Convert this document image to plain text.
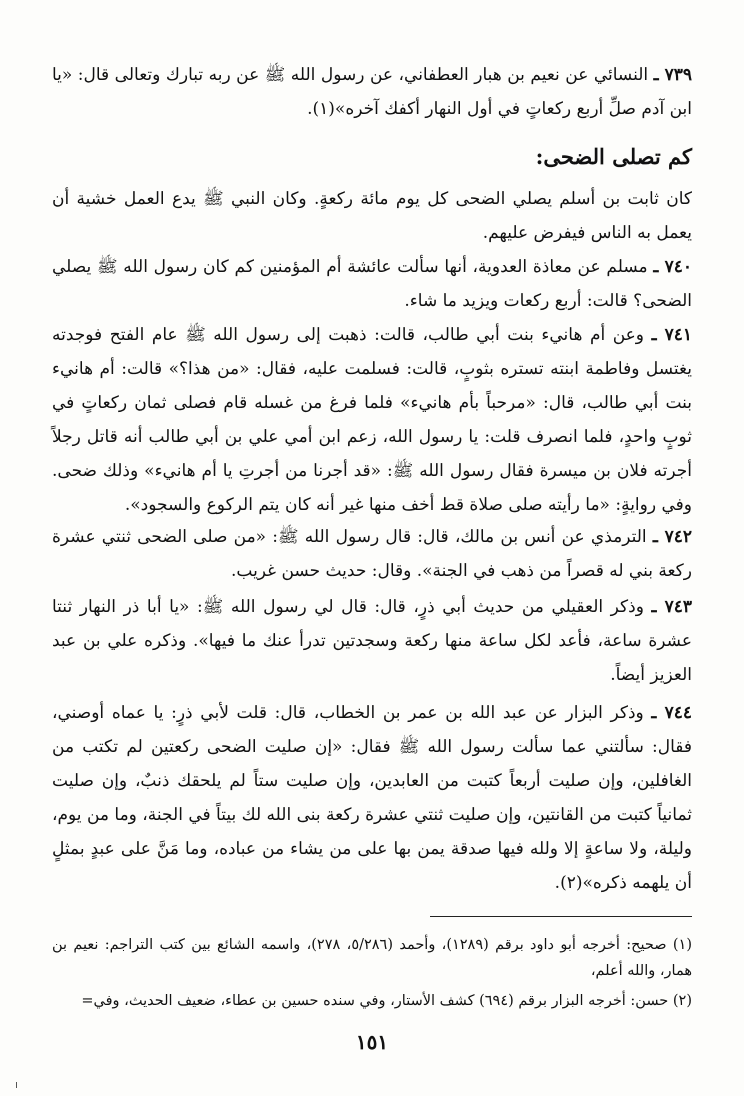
٧٣٩ ـ النسائي عن نعيم بن هبار العطفاني، عن رسول الله ﷺ عن ربه تبارك وتعالى قال: «يا ابن آدم صلِّ أربع ركعاتٍ في أول النهار أكفك آخره»(١).

كم تصلى الضحى:

كان ثابت بن أسلم يصلي الضحى كل يوم مائة ركعةٍ. وكان النبي ﷺ يدع العمل خشية أن يعمل به الناس فيفرض عليهم.

٧٤٠ ـ مسلم عن معاذة العدوية، أنها سألت عائشة أم المؤمنين كم كان رسول الله ﷺ يصلي الضحى؟ قالت: أربع ركعات ويزيد ما شاء.

٧٤١ ـ وعن أم هانيء بنت أبي طالب، قالت: ذهبت إلى رسول الله ﷺ عام الفتح فوجدته يغتسل وفاطمة ابنته تستره بثوبٍ، قالت: فسلمت عليه، فقال: «من هذا؟» قالت: أم هانيء بنت أبي طالب، قال: «مرحباً بأم هانيء» فلما فرغ من غسله قام فصلى ثمان ركعاتٍ في ثوبٍ واحدٍ، فلما انصرف قلت: يا رسول الله، زعم ابن أمي علي بن أبي طالب أنه قاتل رجلاً أجرته فلان بن ميسرة فقال رسول الله ﷺ: «قد أجرنا من أجرتِ يا أم هانيء» وذلك ضحى. وفي روايةٍ: «ما رأيته صلى صلاة قط أخف منها غير أنه كان يتم الركوع والسجود».

٧٤٢ ـ الترمذي عن أنس بن مالك، قال: قال رسول الله ﷺ: «من صلى الضحى ثنتي عشرة ركعة بني له قصراً من ذهب في الجنة». وقال: حديث حسن غريب.

٧٤٣ ـ وذكر العقيلي من حديث أبي ذرٍ، قال: قال لي رسول الله ﷺ: «يا أبا ذر النهار ثنتا عشرة ساعة، فأعد لكل ساعة منها ركعة وسجدتين تدرأ عنك ما فيها». وذكره علي بن عبد العزيز أيضاً.

٧٤٤ ـ وذكر البزار عن عبد الله بن عمر بن الخطاب، قال: قلت لأبي ذرٍ: يا عماه أوصني، فقال: سألتني عما سألت رسول الله ﷺ فقال: «إن صليت الضحى ركعتين لم تكتب من الغافلين، وإن صليت أربعاً كتبت من العابدين، وإن صليت ستاً لم يلحقك ذنبٌ، وإن صليت ثمانياً كتبت من القانتين، وإن صليت ثنتي عشرة ركعة بنى الله لك بيتاً في الجنة، وما من يوم، وليلة، ولا ساعةٍ إلا ولله فيها صدقة يمن بها على من يشاء من عباده، وما مَنَّ على عبدٍ بمثلٍ أن يلهمه ذكره»(٢).

(١) صحيح: أخرجه أبو داود برقم (١٢٨٩)، وأحمد (٥/٢٨٦، ٢٧٨)، واسمه الشائع بين كتب التراجم: نعيم بن همار، والله أعلم،

(٢) حسن: أخرجه البزار برقم (٦٩٤) كشف الأستار، وفي سنده حسين بن عطاء، ضعيف الحديث، وفي=

١٥١
